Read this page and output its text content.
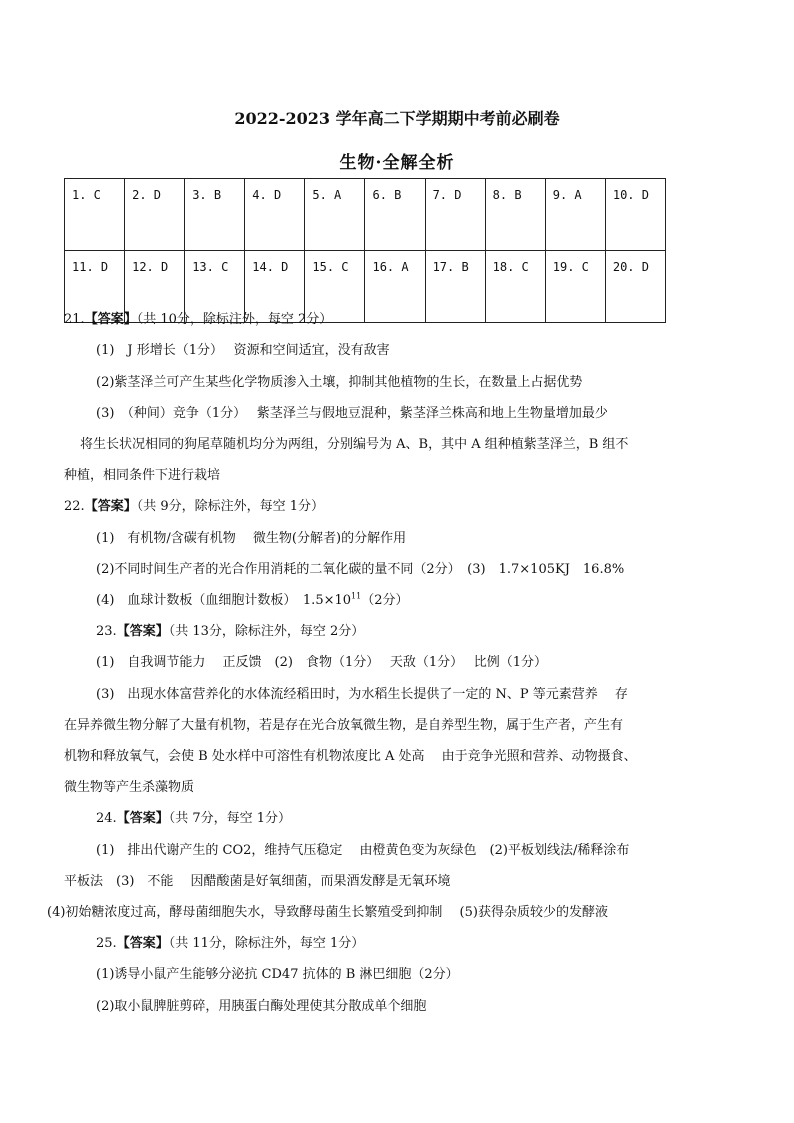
2022-2023 学年高二下学期期中考前必刷卷
生物·全解全析
1. C	2. D	3. B	4. D	5. A	6. B	7. D	8. B	9. A	10. D
11. D	12. D	13. C	14. D	15. C	16. A	17. B	18. C	19. C	20. D
21.【答案】（共 10分，除标注外，每空 2分）
(1)　J 形增长（1分）　 资源和空间适宜，没有敌害
(2)紫茎泽兰可产生某些化学物质渗入土壤，抑制其他植物的生长，在数量上占据优势
(3)　（种间）竞争（1分）　 紫茎泽兰与假地豆混种，紫茎泽兰株高和地上生物量增加最少
将生长状况相同的狗尾草随机均分为两组，分别编号为 A、B，其中 A 组种植紫茎泽兰，B 组不
种植，相同条件下进行栽培
22.【答案】（共 9分，除标注外，每空 1分）
(1)　有机物/含碳有机物　 微生物(分解者)的分解作用
(2)不同时间生产者的光合作用消耗的二氧化碳的量不同（2分）　(3)　1.7×105KJ　16.8%
(4)　血球计数板（血细胞计数板）　$1.5\times 10^{11}(2$分）
23.【答案】（共 13分，除标注外，每空 2分）
(1)　自我调节能力　 正反馈　(2)　食物（1分）　 天敌（1分）　 比例（1分）
(3)　出现水体富营养化的水体流经稻田时，为水稻生长提供了一定的 N、P 等元素营养　 存
在异养微生物分解了大量有机物，若是存在光合放氧微生物，是自养型生物，属于生产者，产生有
机物和释放氧气，会使 B 处水样中可溶性有机物浓度比 A 处高　 由于竞争光照和营养、动物摄食、
微生物等产生杀藻物质
24.【答案】（共 7分，每空 1分）
(1)　排出代谢产生的 CO2，维持气压稳定　 由橙黄色变为灰绿色　(2)平板划线法/稀释涂布
平板法　(3)　不能　 因醋酸菌是好氧细菌，而果酒发酵是无氧环境
(4)初始糖浓度过高，酵母菌细胞失水，导致酵母菌生长繁殖受到抑制　 (5)获得杂质较少的发酵液
25.【答案】（共 11分，除标注外，每空 1分）
(1)诱导小鼠产生能够分泌抗 CD47 抗体的 B 淋巴细胞（2分）
(2)取小鼠脾脏剪碎，用胰蛋白酶处理使其分散成单个细胞
